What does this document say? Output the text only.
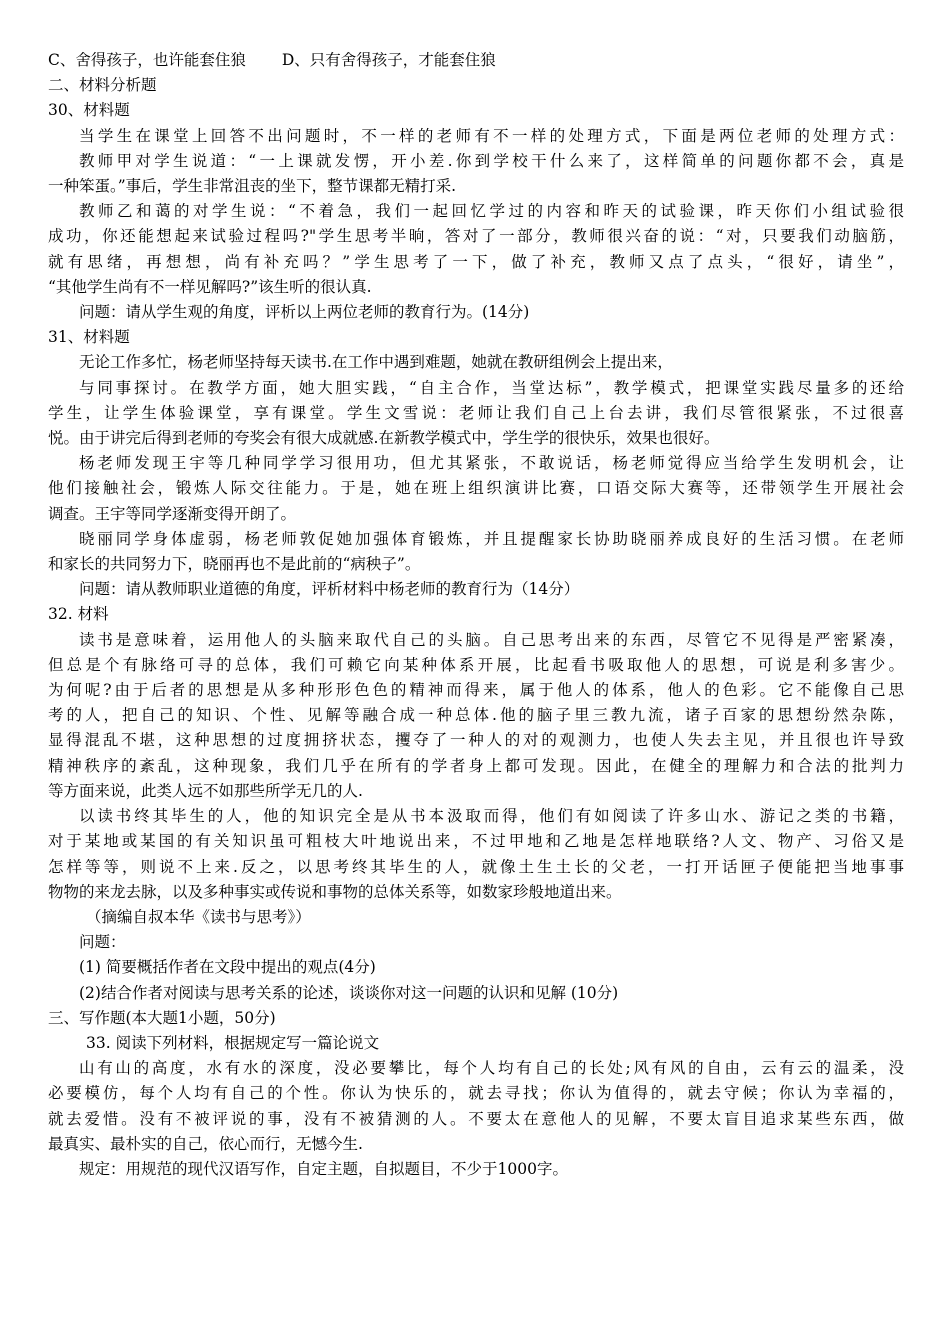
C、舍得孩子，也许能套住狼 D、只有舍得孩子，才能套住狼
二、材料分析题
30、材料题
当学生在课堂上回答不出问题时，不一样的老师有不一样的处理方式，下面是两位老师的处理方式：
教师甲对学生说道：“一上课就发愣，开小差.你到学校干什么来了，这样简单的问题你都不会，真是
一种笨蛋。”事后，学生非常沮丧的坐下，整节课都无精打采.
教师乙和蔼的对学生说：“不着急，我们一起回忆学过的内容和昨天的试验课，昨天你们小组试验很
成功，你还能想起来试验过程吗?"学生思考半晌，答对了一部分，教师很兴奋的说：“对，只要我们动脑筋，
就有思绪，再想想，尚有补充吗？”学生思考了一下，做了补充，教师又点了点头，“很好，请坐”，
“其他学生尚有不一样见解吗?”该生听的很认真.
问题：请从学生观的角度，评析以上两位老师的教育行为。(14分)
31、材料题
无论工作多忙，杨老师坚持每天读书.在工作中遇到难题，她就在教研组例会上提出来，
与同事探讨。在教学方面，她大胆实践，“自主合作，当堂达标”，教学模式，把课堂实践尽量多的还给
学生，让学生体验课堂，享有课堂。学生文雪说：老师让我们自己上台去讲，我们尽管很紧张，不过很喜
悦。由于讲完后得到老师的夸奖会有很大成就感.在新教学模式中，学生学的很快乐，效果也很好。
杨老师发现王宇等几种同学学习很用功，但尤其紧张，不敢说话，杨老师觉得应当给学生发明机会，让
他们接触社会，锻炼人际交往能力。于是，她在班上组织演讲比赛，口语交际大赛等，还带领学生开展社会
调查。王宇等同学逐渐变得开朗了。
晓丽同学身体虚弱，杨老师敦促她加强体育锻炼，并且提醒家长协助晓丽养成良好的生活习惯。在老师
和家长的共同努力下，晓丽再也不是此前的“病秧子”。
问题：请从教师职业道德的角度，评析材料中杨老师的教育行为（14分）
32. 材料
读书是意味着，运用他人的头脑来取代自己的头脑。自己思考出来的东西，尽管它不见得是严密紧凑，
但总是个有脉络可寻的总体，我们可赖它向某种体系开展，比起看书吸取他人的思想，可说是利多害少。
为何呢?由于后者的思想是从多种形形色色的精神而得来，属于他人的体系，他人的色彩。它不能像自己思
考的人，把自己的知识、个性、见解等融合成一种总体.他的脑子里三教九流，诸子百家的思想纷然杂陈，
显得混乱不堪，这种思想的过度拥挤状态，攫夺了一种人的对的观测力，也使人失去主见，并且很也许导致
精神秩序的紊乱，这种现象，我们几乎在所有的学者身上都可发现。因此，在健全的理解力和合法的批判力
等方面来说，此类人远不如那些所学无几的人.
以读书终其毕生的人，他的知识完全是从书本汲取而得，他们有如阅读了许多山水、游记之类的书籍，
对于某地或某国的有关知识虽可粗枝大叶地说出来，不过甲地和乙地是怎样地联络?人文、物产、习俗又是
怎样等等，则说不上来.反之，以思考终其毕生的人，就像土生土长的父老，一打开话匣子便能把当地事事
物物的来龙去脉，以及多种事实或传说和事物的总体关系等，如数家珍般地道出来。
（摘编自叔本华《读书与思考》）
问题：
(1) 简要概括作者在文段中提出的观点(4分)
(2)结合作者对阅读与思考关系的论述，谈谈你对这一问题的认识和见解 (10分)
三、写作题(本大题1小题，50分)
33. 阅读下列材料，根据规定写一篇论说文
山有山的高度，水有水的深度，没必要攀比，每个人均有自己的长处;风有风的自由，云有云的温柔，没
必要模仿，每个人均有自己的个性。你认为快乐的，就去寻找；你认为值得的，就去守候；你认为幸福的，
就去爱惜。没有不被评说的事，没有不被猜测的人。不要太在意他人的见解，不要太盲目追求某些东西，做
最真实、最朴实的自己，依心而行，无憾今生.
规定：用规范的现代汉语写作，自定主题，自拟题目，不少于1000字。
